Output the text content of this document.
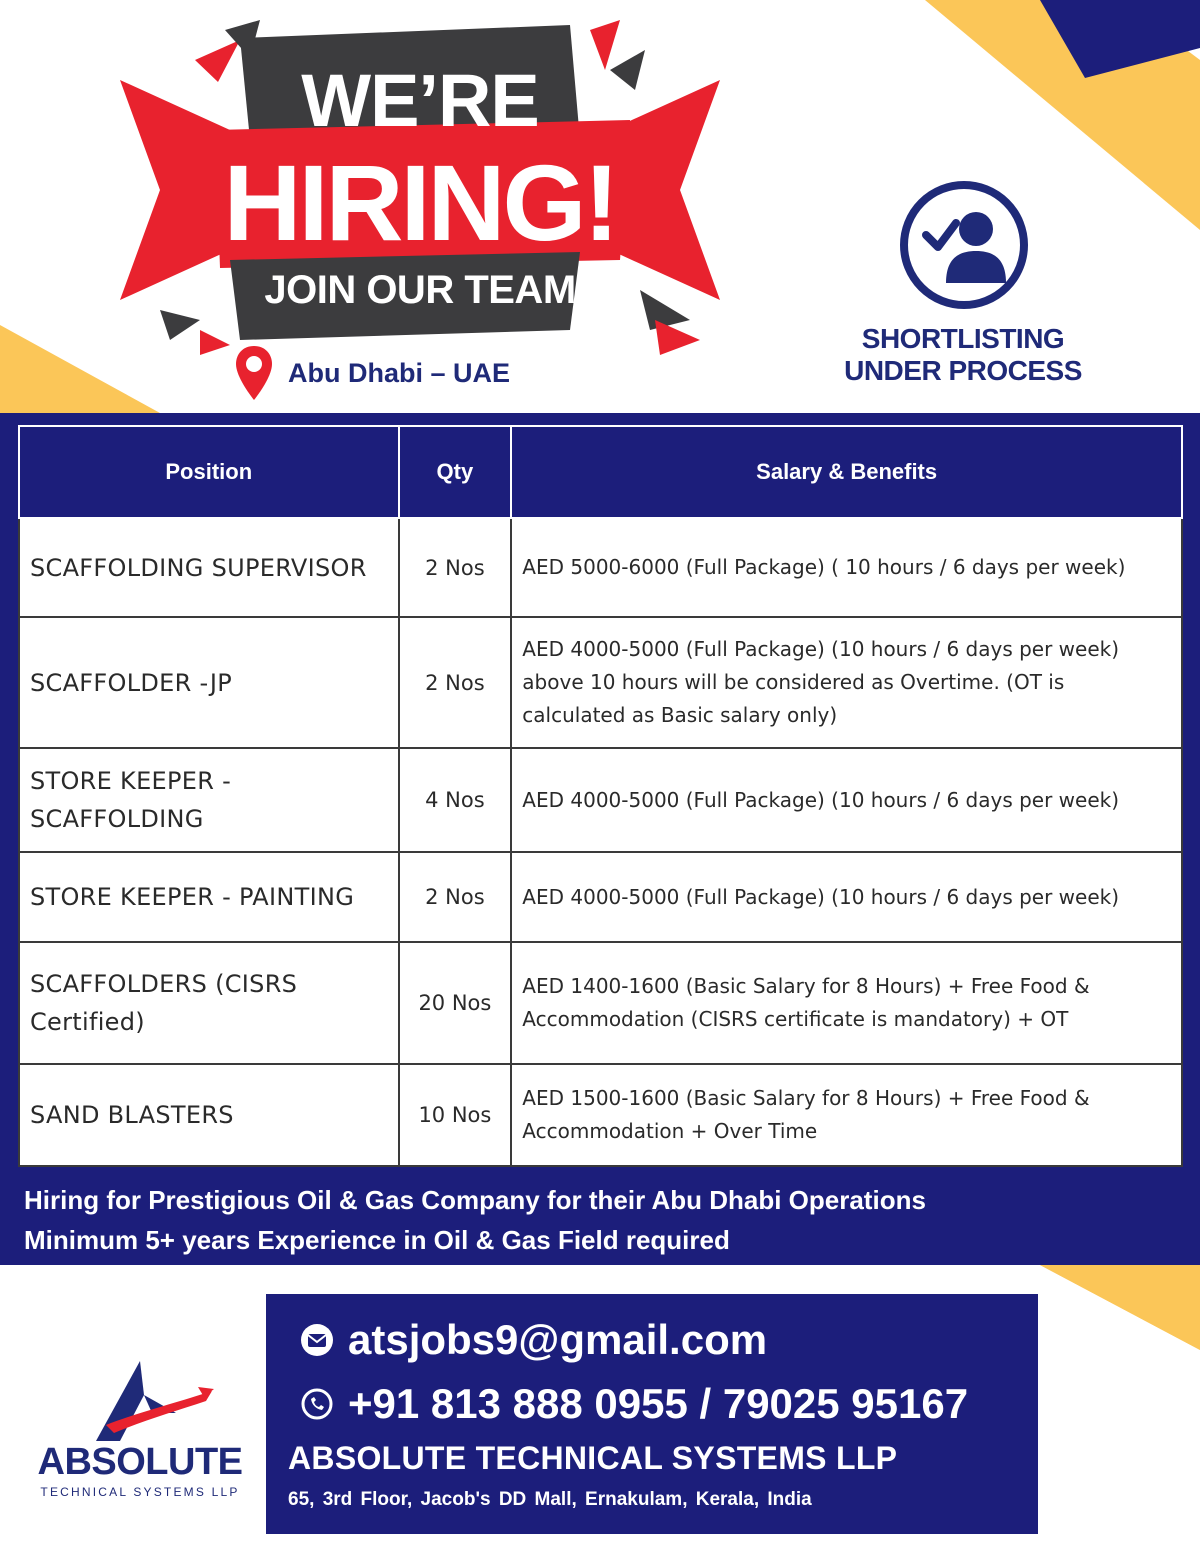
WE’RE
HIRING!
JOIN OUR TEAM
Abu Dhabi – UAE
SHORTLISTING
UNDER PROCESS
Position	Qty	Salary & Benefits
SCAFFOLDING SUPERVISOR	2 Nos	AED 5000-6000 (Full Package) ( 10 hours / 6 days per week)
SCAFFOLDER -JP	2 Nos	AED 4000-5000 (Full Package) (10 hours / 6 days per week) above 10 hours will be considered as Overtime. (OT is calculated as Basic salary only)
STORE KEEPER - SCAFFOLDING	4 Nos	AED 4000-5000 (Full Package) (10 hours / 6 days per week)
STORE KEEPER - PAINTING	2 Nos	AED 4000-5000 (Full Package) (10 hours / 6 days per week)
SCAFFOLDERS (CISRS Certified)	20 Nos	AED 1400-1600 (Basic Salary for 8 Hours) + Free Food & Accommodation (CISRS certificate is mandatory) + OT
SAND BLASTERS	10 Nos	AED 1500-1600 (Basic Salary for 8 Hours) + Free Food & Accommodation + Over Time
Hiring for Prestigious Oil & Gas Company for their Abu Dhabi Operations
Minimum 5+ years Experience in Oil & Gas Field required
ABSOLUTE
TECHNICAL SYSTEMS LLP
atsjobs9@gmail.com
+91 813 888 0955 / 79025 95167
ABSOLUTE TECHNICAL SYSTEMS LLP
65, 3rd Floor, Jacob's DD Mall, Ernakulam, Kerala, India
